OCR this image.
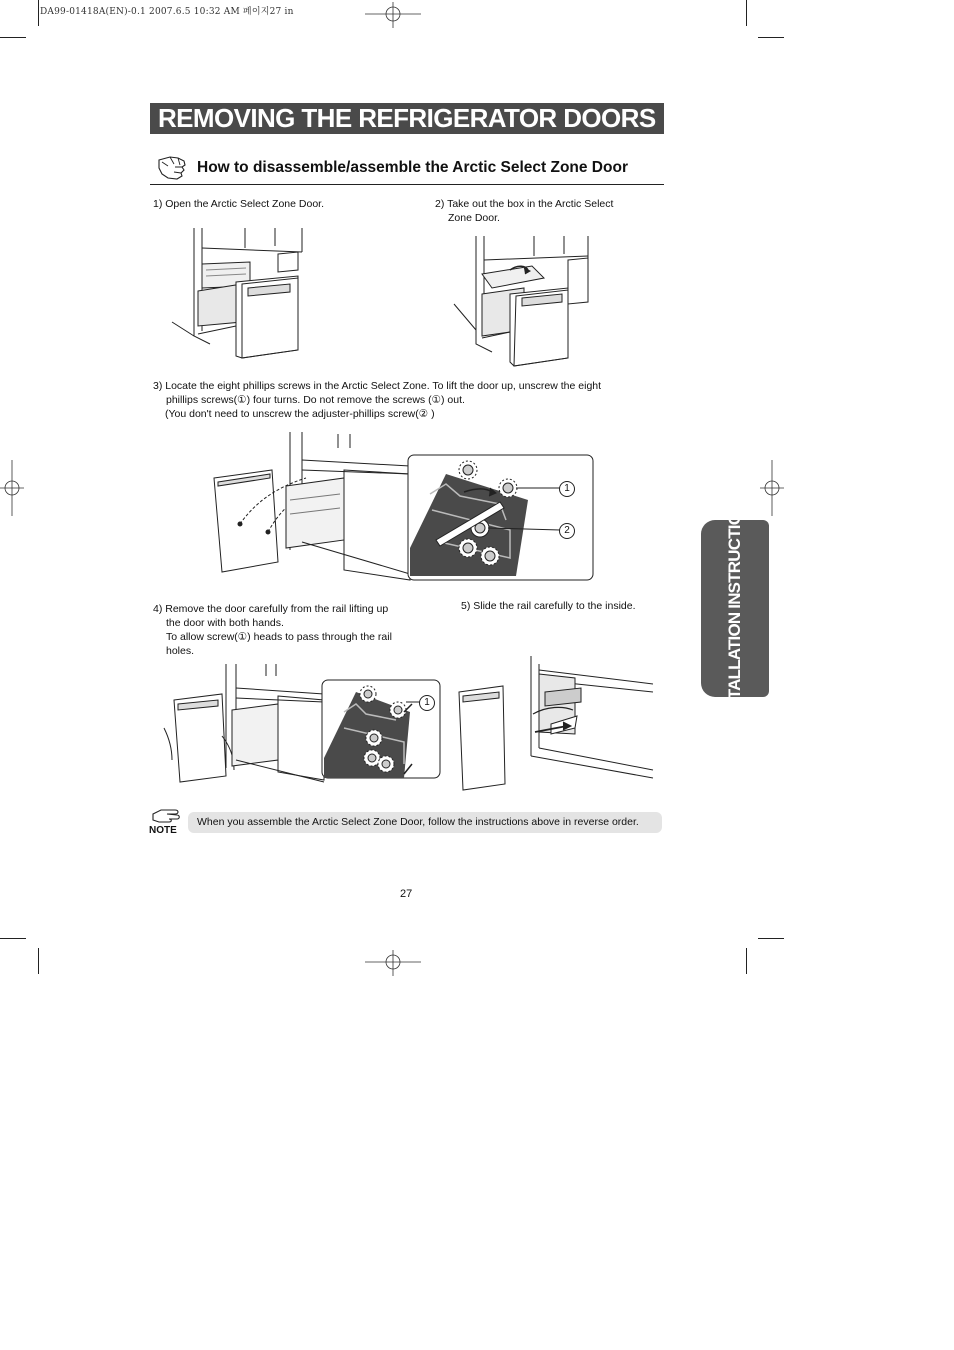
DA99-01418A(EN)-0.1 2007.6.5 10:32 AM 페이지27 in
REMOVING THE REFRIGERATOR DOORS
How to disassemble/assemble the Arctic Select Zone Door
1) Open the Arctic Select Zone Door.	2) Take out the box in the Arctic Select
Zone Door.
3) Locate the eight phillips screws in the Arctic Select Zone. To lift the door up, unscrew the eight
phillips screws(①) four turns. Do not remove the screws (①) out.
(You don't need to unscrew the adjuster-phillips screw(② )
1
2
4) Remove the door carefully from the rail lifting up
the door with both hands.
To allow screw(①) heads to pass through the rail
holes.
1
5) Slide the rail carefully to the inside.	INSTALLATION INSTRUCTIONS
NOTE
When you assemble the Arctic Select Zone Door, follow the instructions above in reverse order.
27
